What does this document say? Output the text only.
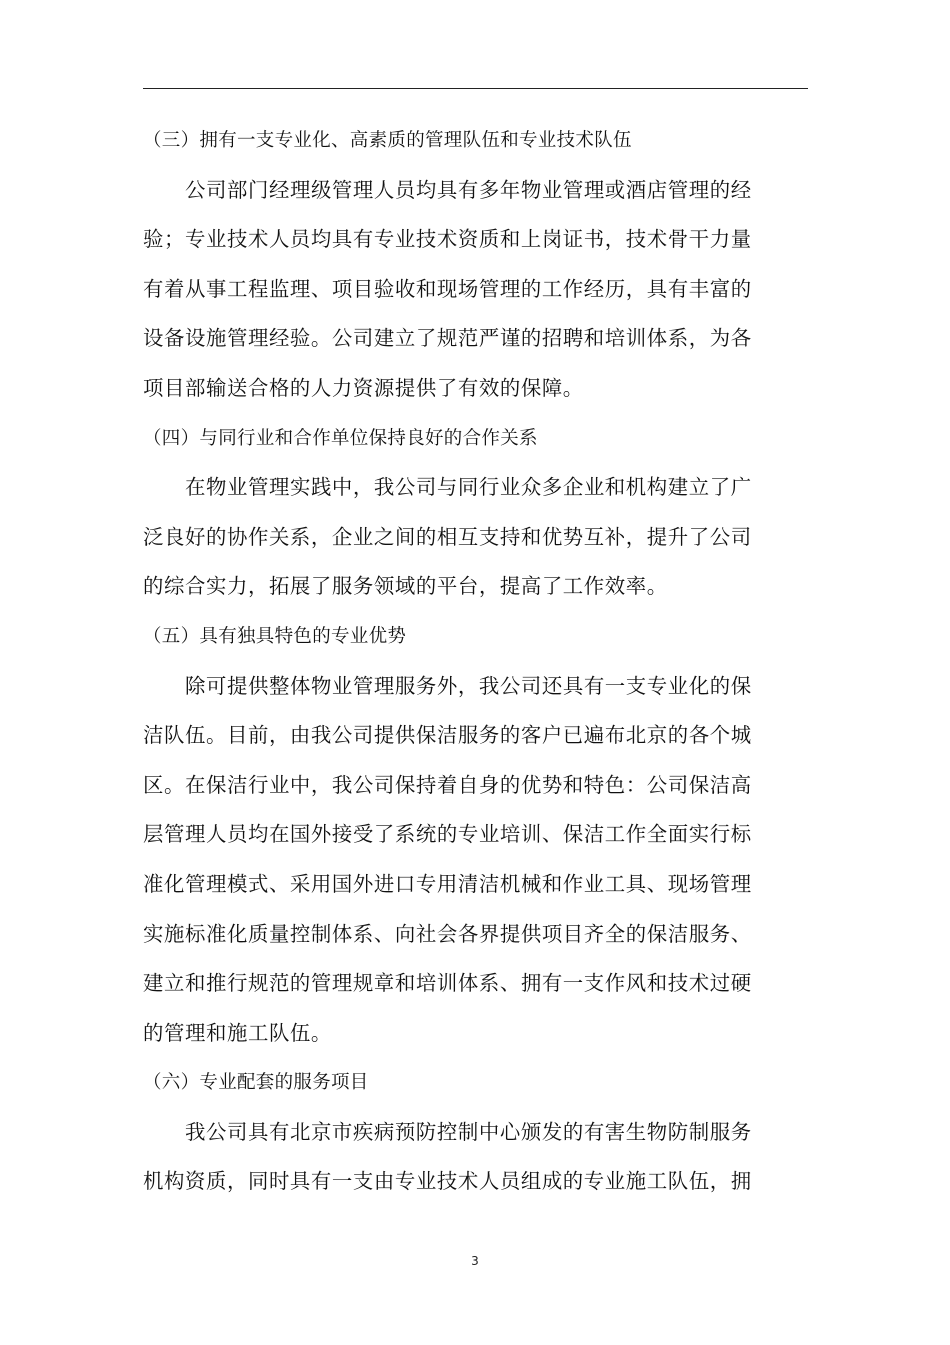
（三）拥有一支专业化、高素质的管理队伍和专业技术队伍
公司部门经理级管理人员均具有多年物业管理或酒店管理的经
验；专业技术人员均具有专业技术资质和上岗证书，技术骨干力量
有着从事工程监理、项目验收和现场管理的工作经历，具有丰富的
设备设施管理经验。公司建立了规范严谨的招聘和培训体系，为各
项目部输送合格的人力资源提供了有效的保障。
（四）与同行业和合作单位保持良好的合作关系
在物业管理实践中，我公司与同行业众多企业和机构建立了广
泛良好的协作关系，企业之间的相互支持和优势互补，提升了公司
的综合实力，拓展了服务领域的平台，提高了工作效率。
（五）具有独具特色的专业优势
除可提供整体物业管理服务外，我公司还具有一支专业化的保
洁队伍。目前，由我公司提供保洁服务的客户已遍布北京的各个城
区。在保洁行业中，我公司保持着自身的优势和特色：公司保洁高
层管理人员均在国外接受了系统的专业培训、保洁工作全面实行标
准化管理模式、采用国外进口专用清洁机械和作业工具、现场管理
实施标准化质量控制体系、向社会各界提供项目齐全的保洁服务、
建立和推行规范的管理规章和培训体系、拥有一支作风和技术过硬
的管理和施工队伍。
（六）专业配套的服务项目
我公司具有北京市疾病预防控制中心颁发的有害生物防制服务
机构资质，同时具有一支由专业技术人员组成的专业施工队伍，拥
3
